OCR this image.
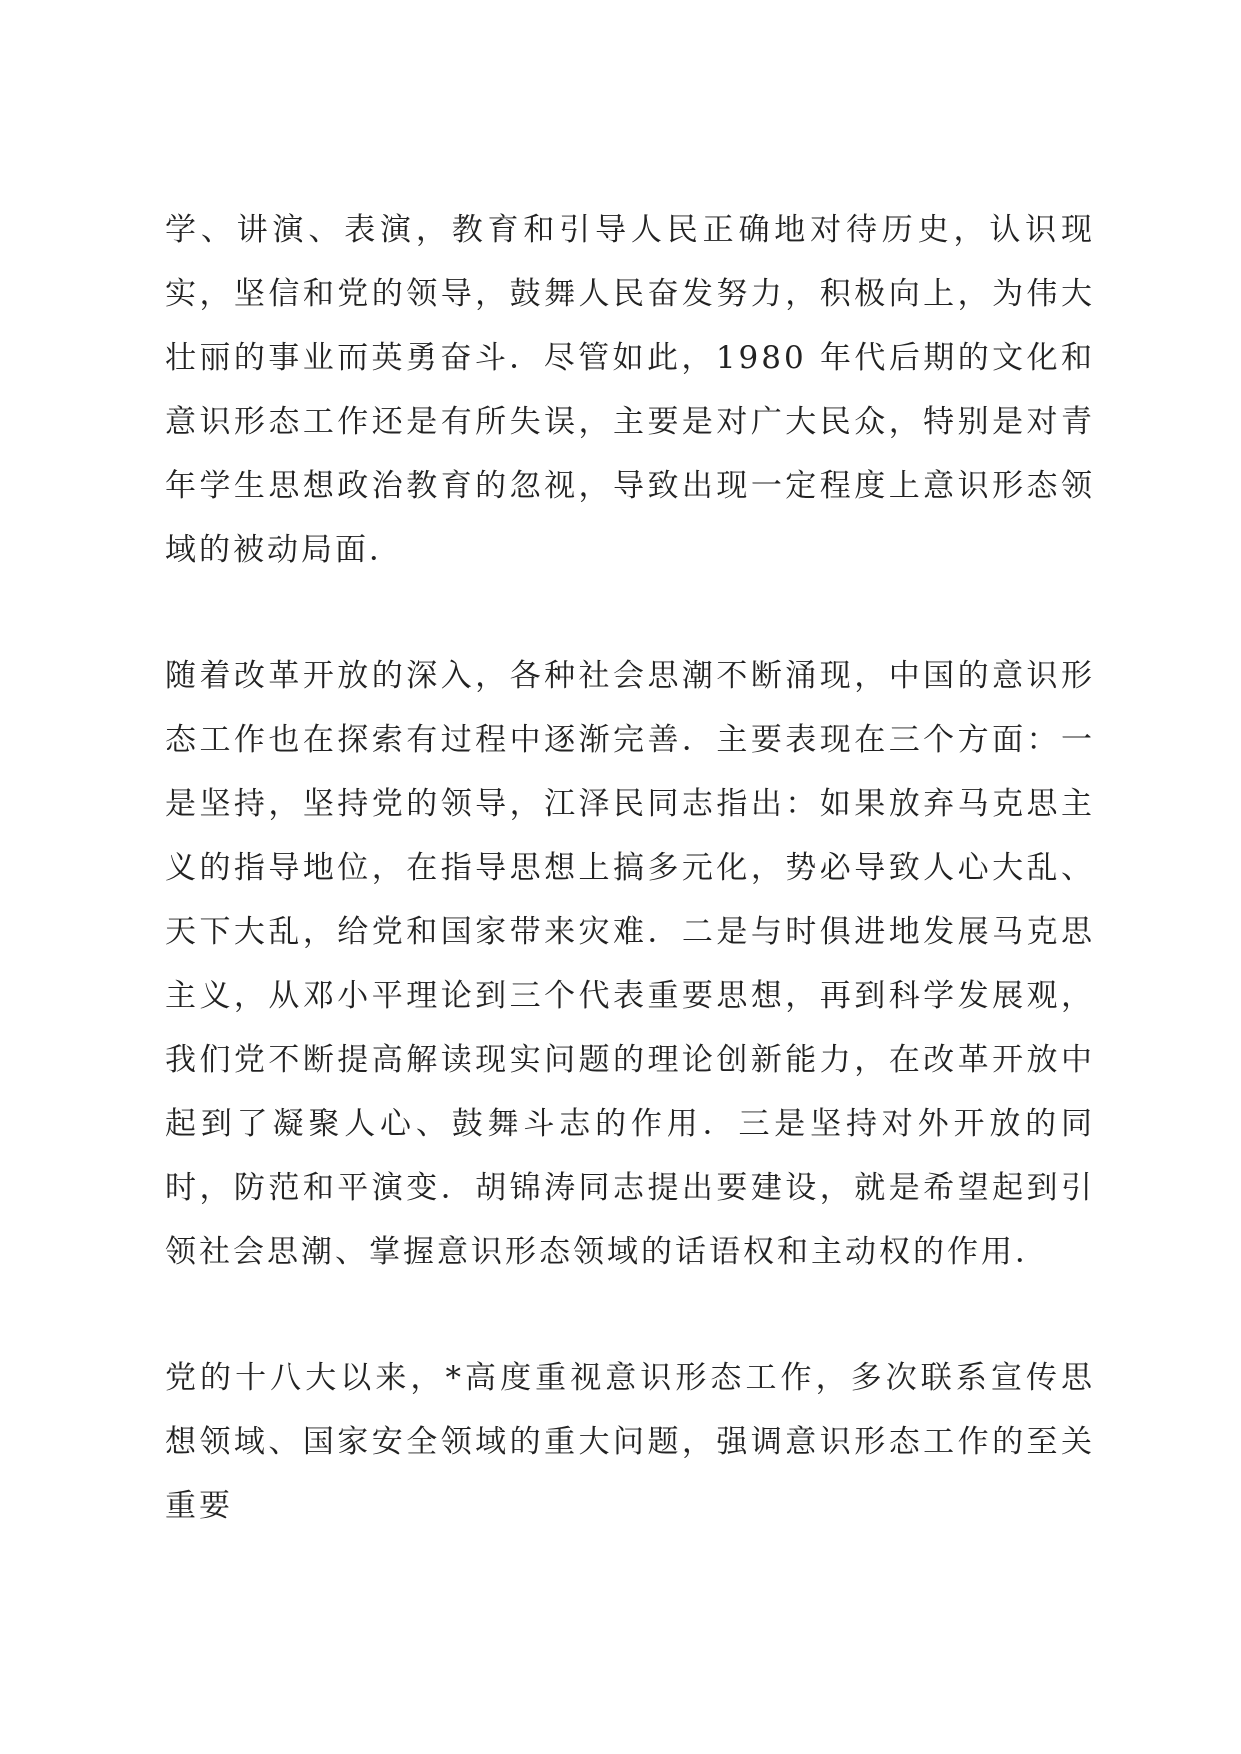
学、讲演、表演，教育和引导人民正确地对待历史，认识现实，坚信和党的领导，鼓舞人民奋发努力，积极向上，为伟大壮丽的事业而英勇奋斗．尽管如此，1980 年代后期的文化和意识形态工作还是有所失误，主要是对广大民众，特别是对青年学生思想政治教育的忽视，导致出现一定程度上意识形态领域的被动局面．

随着改革开放的深入，各种社会思潮不断涌现，中国的意识形态工作也在探索有过程中逐渐完善．主要表现在三个方面：一是坚持，坚持党的领导，江泽民同志指出：如果放弃马克思主义的指导地位，在指导思想上搞多元化，势必导致人心大乱、天下大乱，给党和国家带来灾难．二是与时俱进地发展马克思主义，从邓小平理论到三个代表重要思想，再到科学发展观，我们党不断提高解读现实问题的理论创新能力，在改革开放中起到了凝聚人心、鼓舞斗志的作用．三是坚持对外开放的同时，防范和平演变．胡锦涛同志提出要建设，就是希望起到引领社会思潮、掌握意识形态领域的话语权和主动权的作用．

党的十八大以来，*高度重视意识形态工作，多次联系宣传思想领域、国家安全领域的重大问题，强调意识形态工作的至关重要
